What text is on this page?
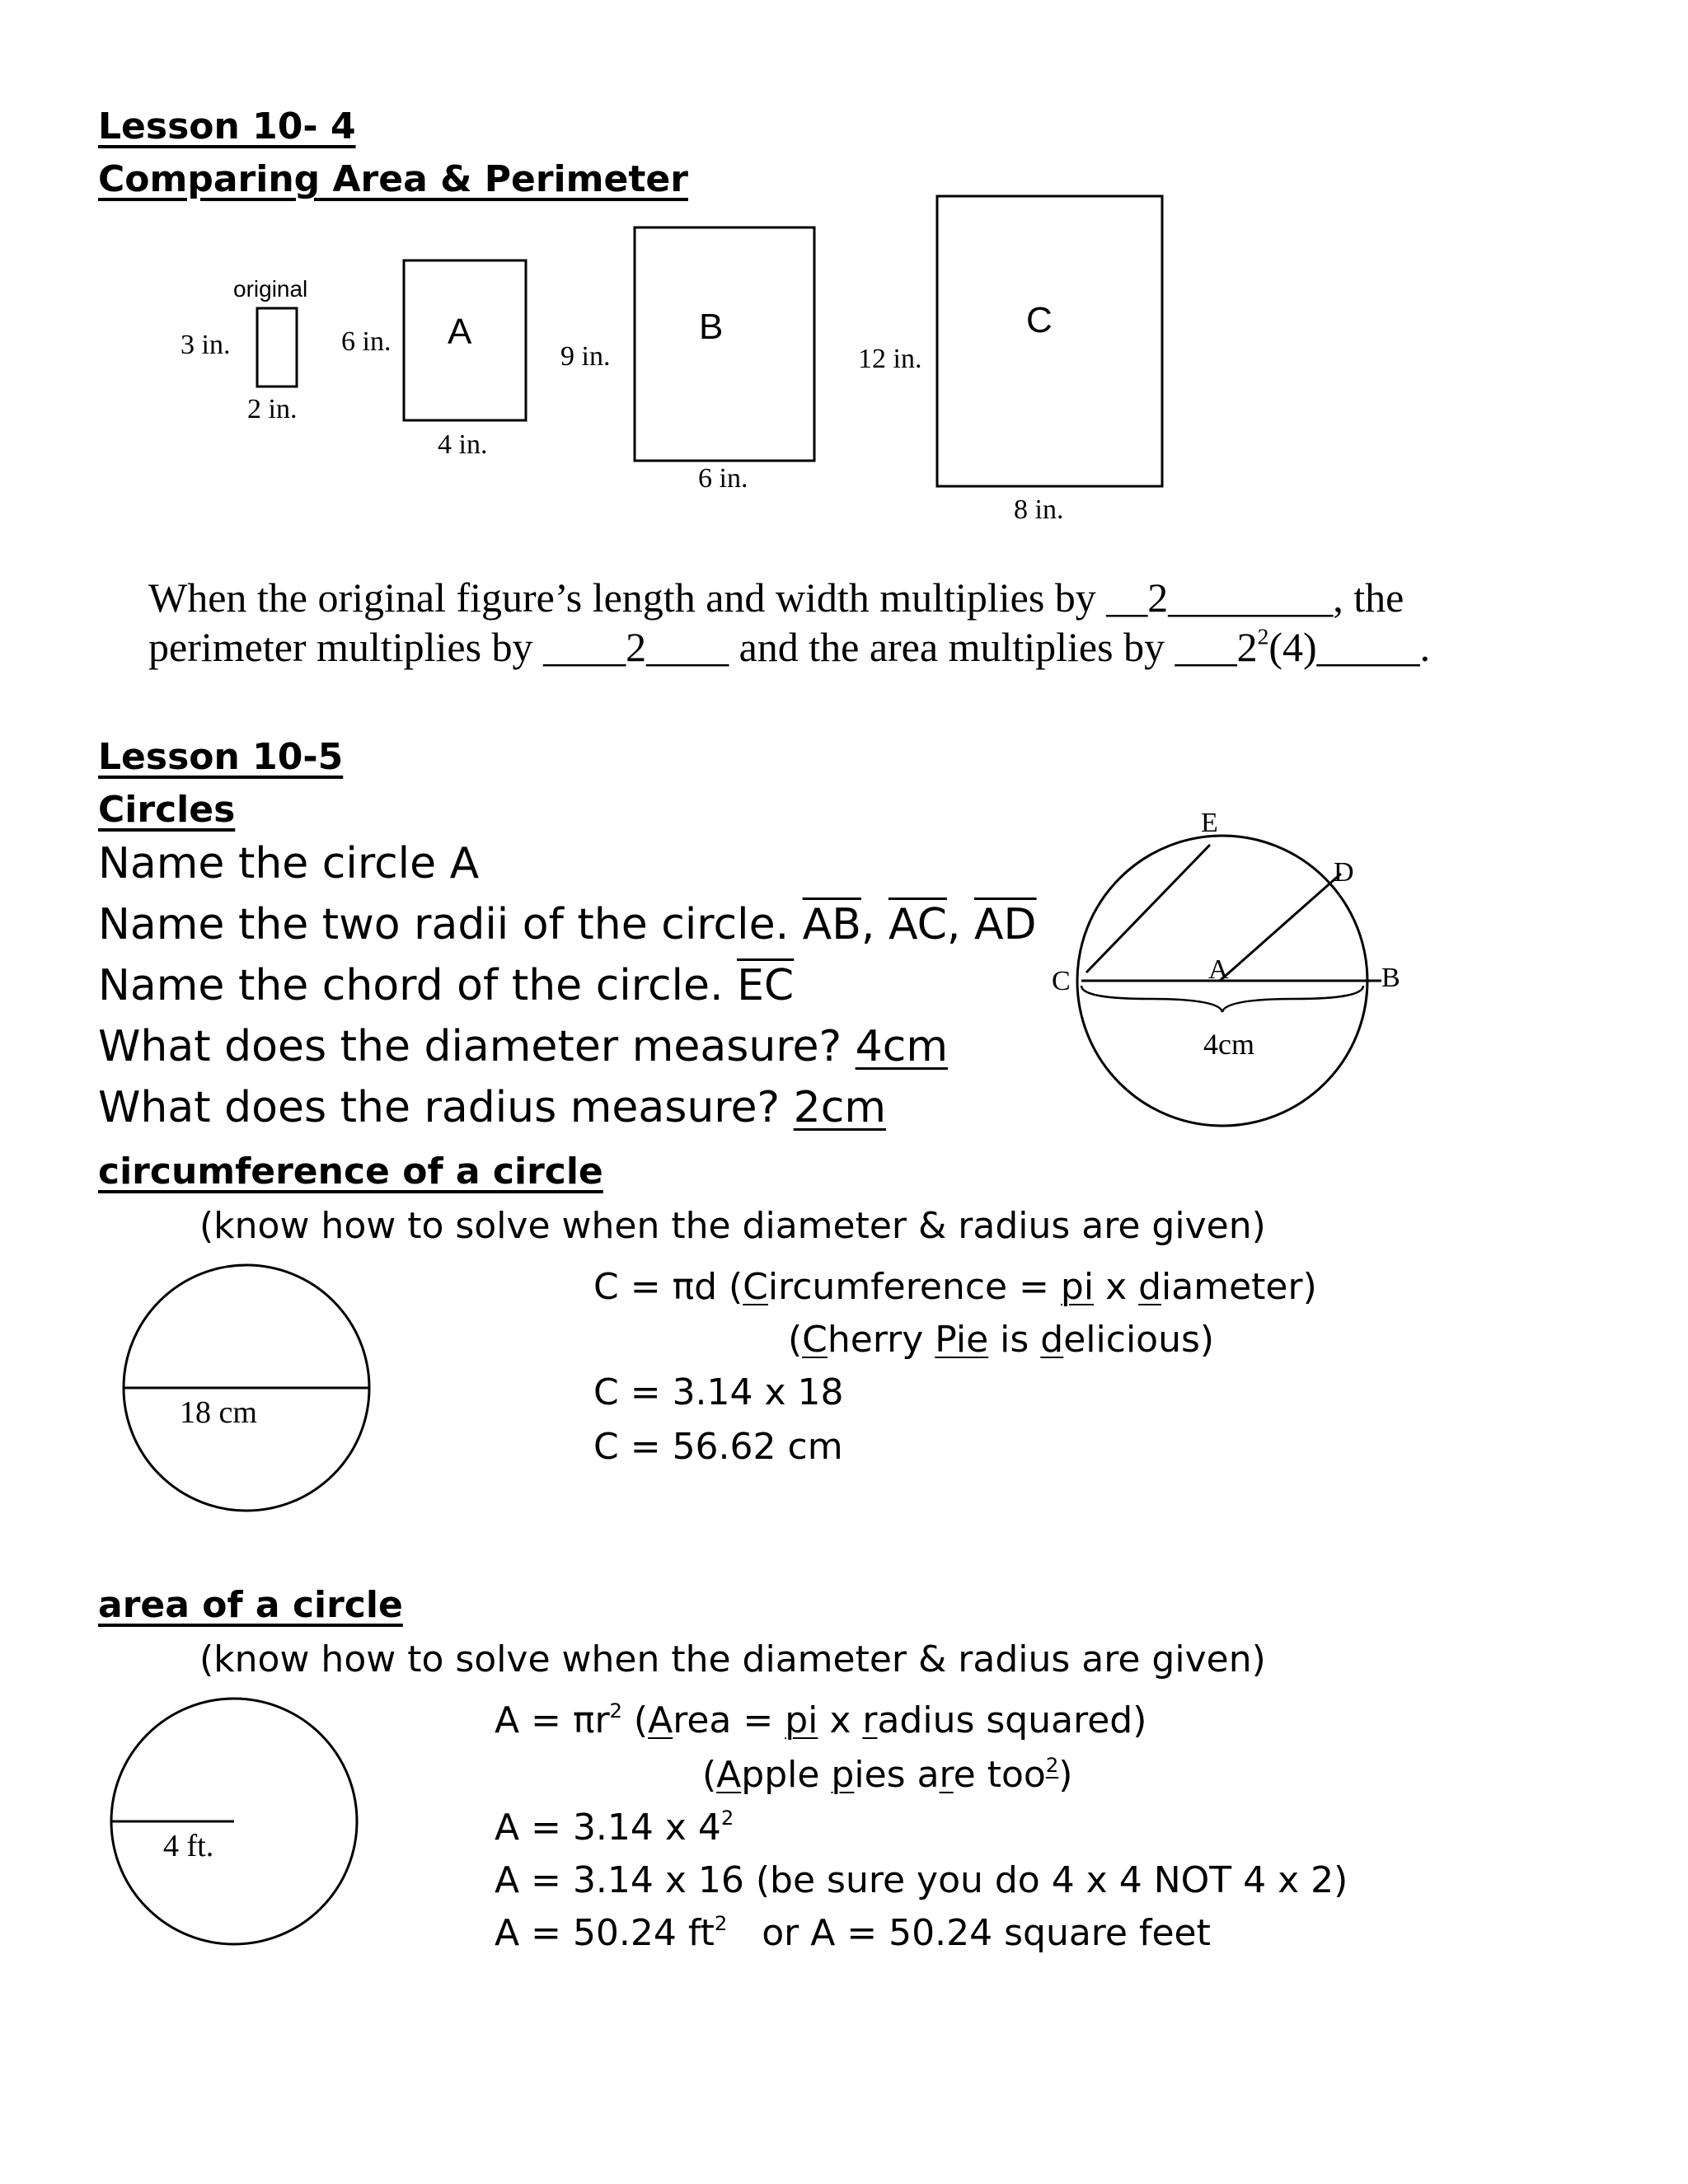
Lesson 10- 4
Comparing Area & Perimeter
original
3 in.
2 in.
A
6 in.
4 in.
B
9 in.
6 in.
C
12 in.
8 in.
When the original figure’s length and width multiplies by __2________, the
perimeter multiplies by ____2____ and the area multiplies by $\_\_\_2^2(4)\_\_\_\_\_$.
Lesson 10-5
Circles
Name the circle A
Name the two radii of the circle. $\overline{AB}$, $\overline{AC}$, $\overline{AD}$
Name the chord of the circle. $\overline{EC}$
What does the diameter measure? 4cm
What does the radius measure? 2cm
E
D
C	A	B
4cm
circumference of a circle
(know how to solve when the diameter & radius are given)
18 cm
C = πd (Circumference = pi x diameter)
(Cherry Pie is delicious)
C = 3.14 x 18
C = 56.62 cm
area of a circle
(know how to solve when the diameter & radius are given)
4 ft.
$A = \pi r^2$ (Area = pi x radius squared)
(Apple pies are too$^2$)
A = 3.14 x $4^2$
A = 3.14 x 16 (be sure you do 4 x 4 NOT 4 x 2)
A = 50.24 $ft^2$   or A = 50.24 square feet
